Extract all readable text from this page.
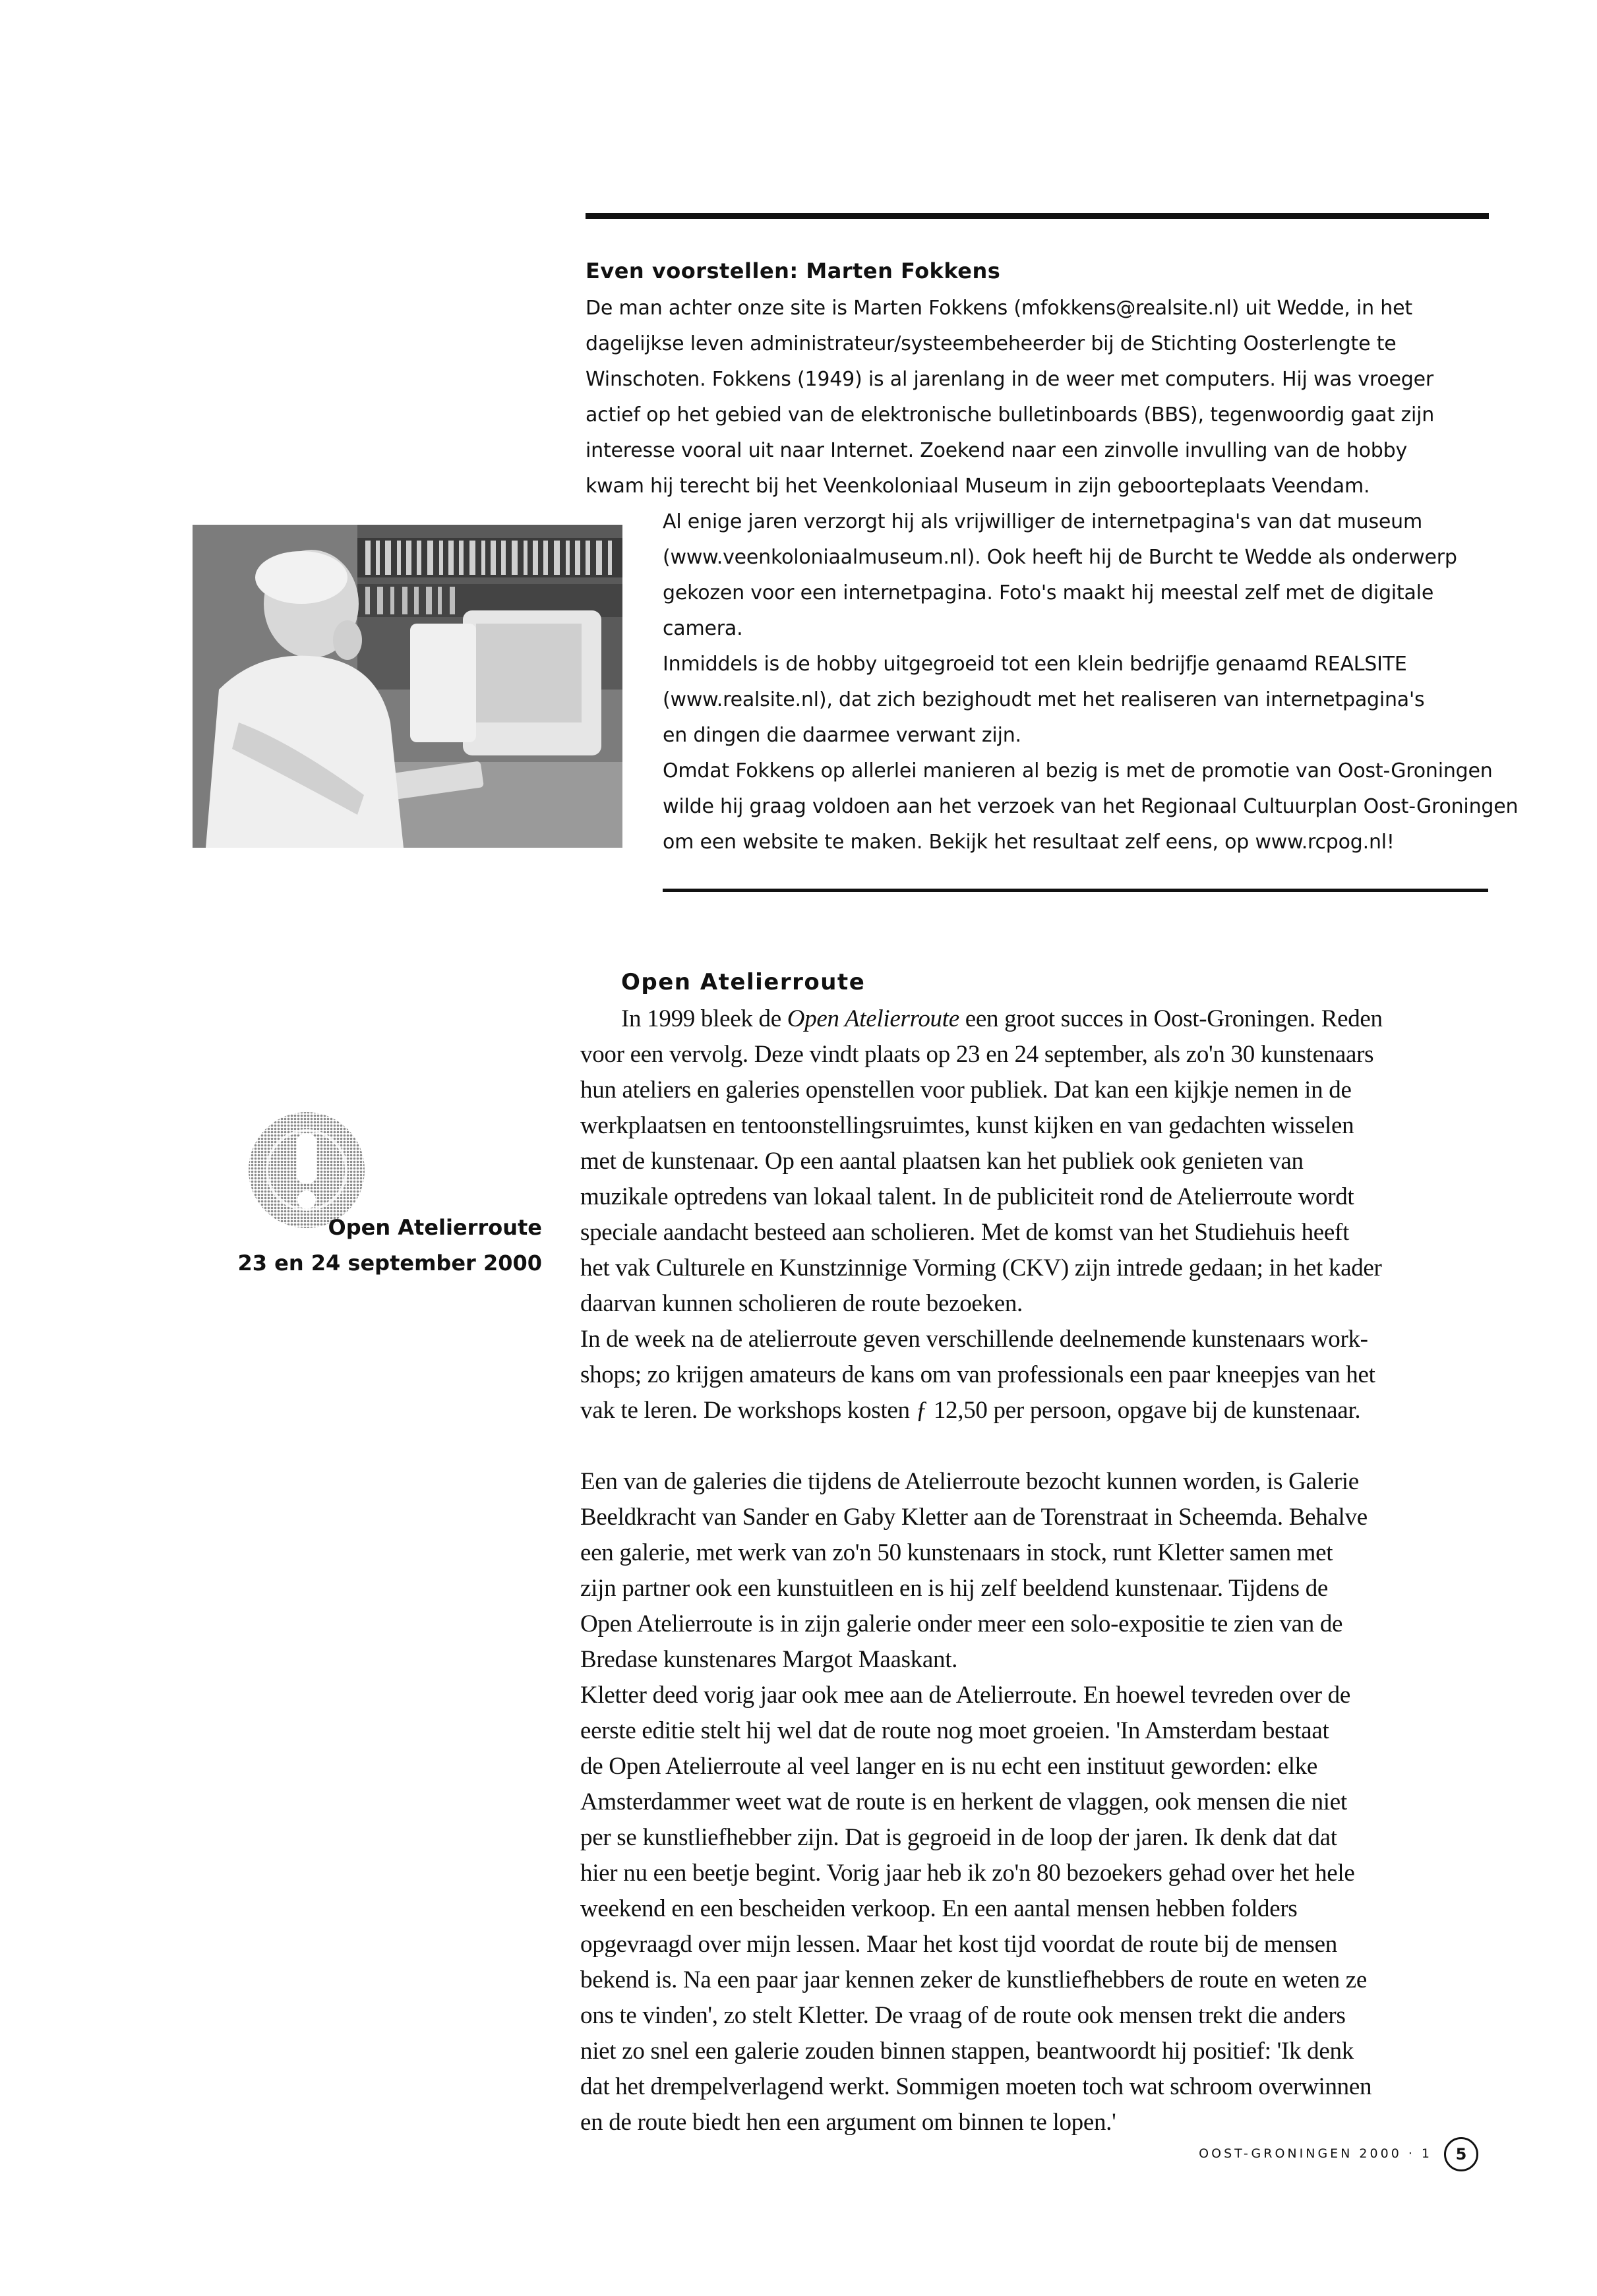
Even voorstellen: Marten Fokkens
De man achter onze site is Marten Fokkens (mfokkens@realsite.nl) uit Wedde, in het
dagelijkse leven administrateur/systeembeheerder bij de Stichting Oosterlengte te
Winschoten. Fokkens (1949) is al jarenlang in de weer met computers. Hij was vroeger
actief op het gebied van de elektronische bulletinboards (BBS), tegenwoordig gaat zijn
interesse vooral uit naar Internet. Zoekend naar een zinvolle invulling van de hobby
kwam hij terecht bij het Veenkoloniaal Museum in zijn geboorteplaats Veendam.
Al enige jaren verzorgt hij als vrijwilliger de internetpagina's van dat museum
(www.veenkoloniaalmuseum.nl). Ook heeft hij de Burcht te Wedde als onderwerp
gekozen voor een internetpagina. Foto's maakt hij meestal zelf met de digitale
camera.
Inmiddels is de hobby uitgegroeid tot een klein bedrijfje genaamd REALSITE
(www.realsite.nl), dat zich bezighoudt met het realiseren van internetpagina's
en dingen die daarmee verwant zijn.
Omdat Fokkens op allerlei manieren al bezig is met de promotie van Oost-Groningen
wilde hij graag voldoen aan het verzoek van het Regionaal Cultuurplan Oost-Groningen
om een website te maken. Bekijk het resultaat zelf eens, op www.rcpog.nl!
Open Atelierroute
23 en 24 september 2000
Open Atelierroute
In 1999 bleek de Open Atelierroute een groot succes in Oost-Groningen. Reden
voor een vervolg. Deze vindt plaats op 23 en 24 september, als zo'n 30 kunstenaars
hun ateliers en galeries openstellen voor publiek. Dat kan een kijkje nemen in de
werkplaatsen en tentoonstellingsruimtes, kunst kijken en van gedachten wisselen
met de kunstenaar. Op een aantal plaatsen kan het publiek ook genieten van
muzikale optredens van lokaal talent. In de publiciteit rond de Atelierroute wordt
speciale aandacht besteed aan scholieren. Met de komst van het Studiehuis heeft
het vak Culturele en Kunstzinnige Vorming (CKV) zijn intrede gedaan; in het kader
daarvan kunnen scholieren de route bezoeken.
In de week na de atelierroute geven verschillende deelnemende kunstenaars work-
shops; zo krijgen amateurs de kans om van professionals een paar kneepjes van het
vak te leren. De workshops kosten ƒ 12,50 per persoon, opgave bij de kunstenaar.
Een van de galeries die tijdens de Atelierroute bezocht kunnen worden, is Galerie
Beeldkracht van Sander en Gaby Kletter aan de Torenstraat in Scheemda. Behalve
een galerie, met werk van zo'n 50 kunstenaars in stock, runt Kletter samen met
zijn partner ook een kunstuitleen en is hij zelf beeldend kunstenaar. Tijdens de
Open Atelierroute is in zijn galerie onder meer een solo-expositie te zien van de
Bredase kunstenares Margot Maaskant.
Kletter deed vorig jaar ook mee aan de Atelierroute. En hoewel tevreden over de
eerste editie stelt hij wel dat de route nog moet groeien. 'In Amsterdam bestaat
de Open Atelierroute al veel langer en is nu echt een instituut geworden: elke
Amsterdammer weet wat de route is en herkent de vlaggen, ook mensen die niet
per se kunstliefhebber zijn. Dat is gegroeid in de loop der jaren. Ik denk dat dat
hier nu een beetje begint. Vorig jaar heb ik zo'n 80 bezoekers gehad over het hele
weekend en een bescheiden verkoop. En een aantal mensen hebben folders
opgevraagd over mijn lessen. Maar het kost tijd voordat de route bij de mensen
bekend is. Na een paar jaar kennen zeker de kunstliefhebbers de route en weten ze
ons te vinden', zo stelt Kletter. De vraag of de route ook mensen trekt die anders
niet zo snel een galerie zouden binnen stappen, beantwoordt hij positief: 'Ik denk
dat het drempelverlagend werkt. Sommigen moeten toch wat schroom overwinnen
en de route biedt hen een argument om binnen te lopen.'
OOST-GRONINGEN 2000 · 1	5
